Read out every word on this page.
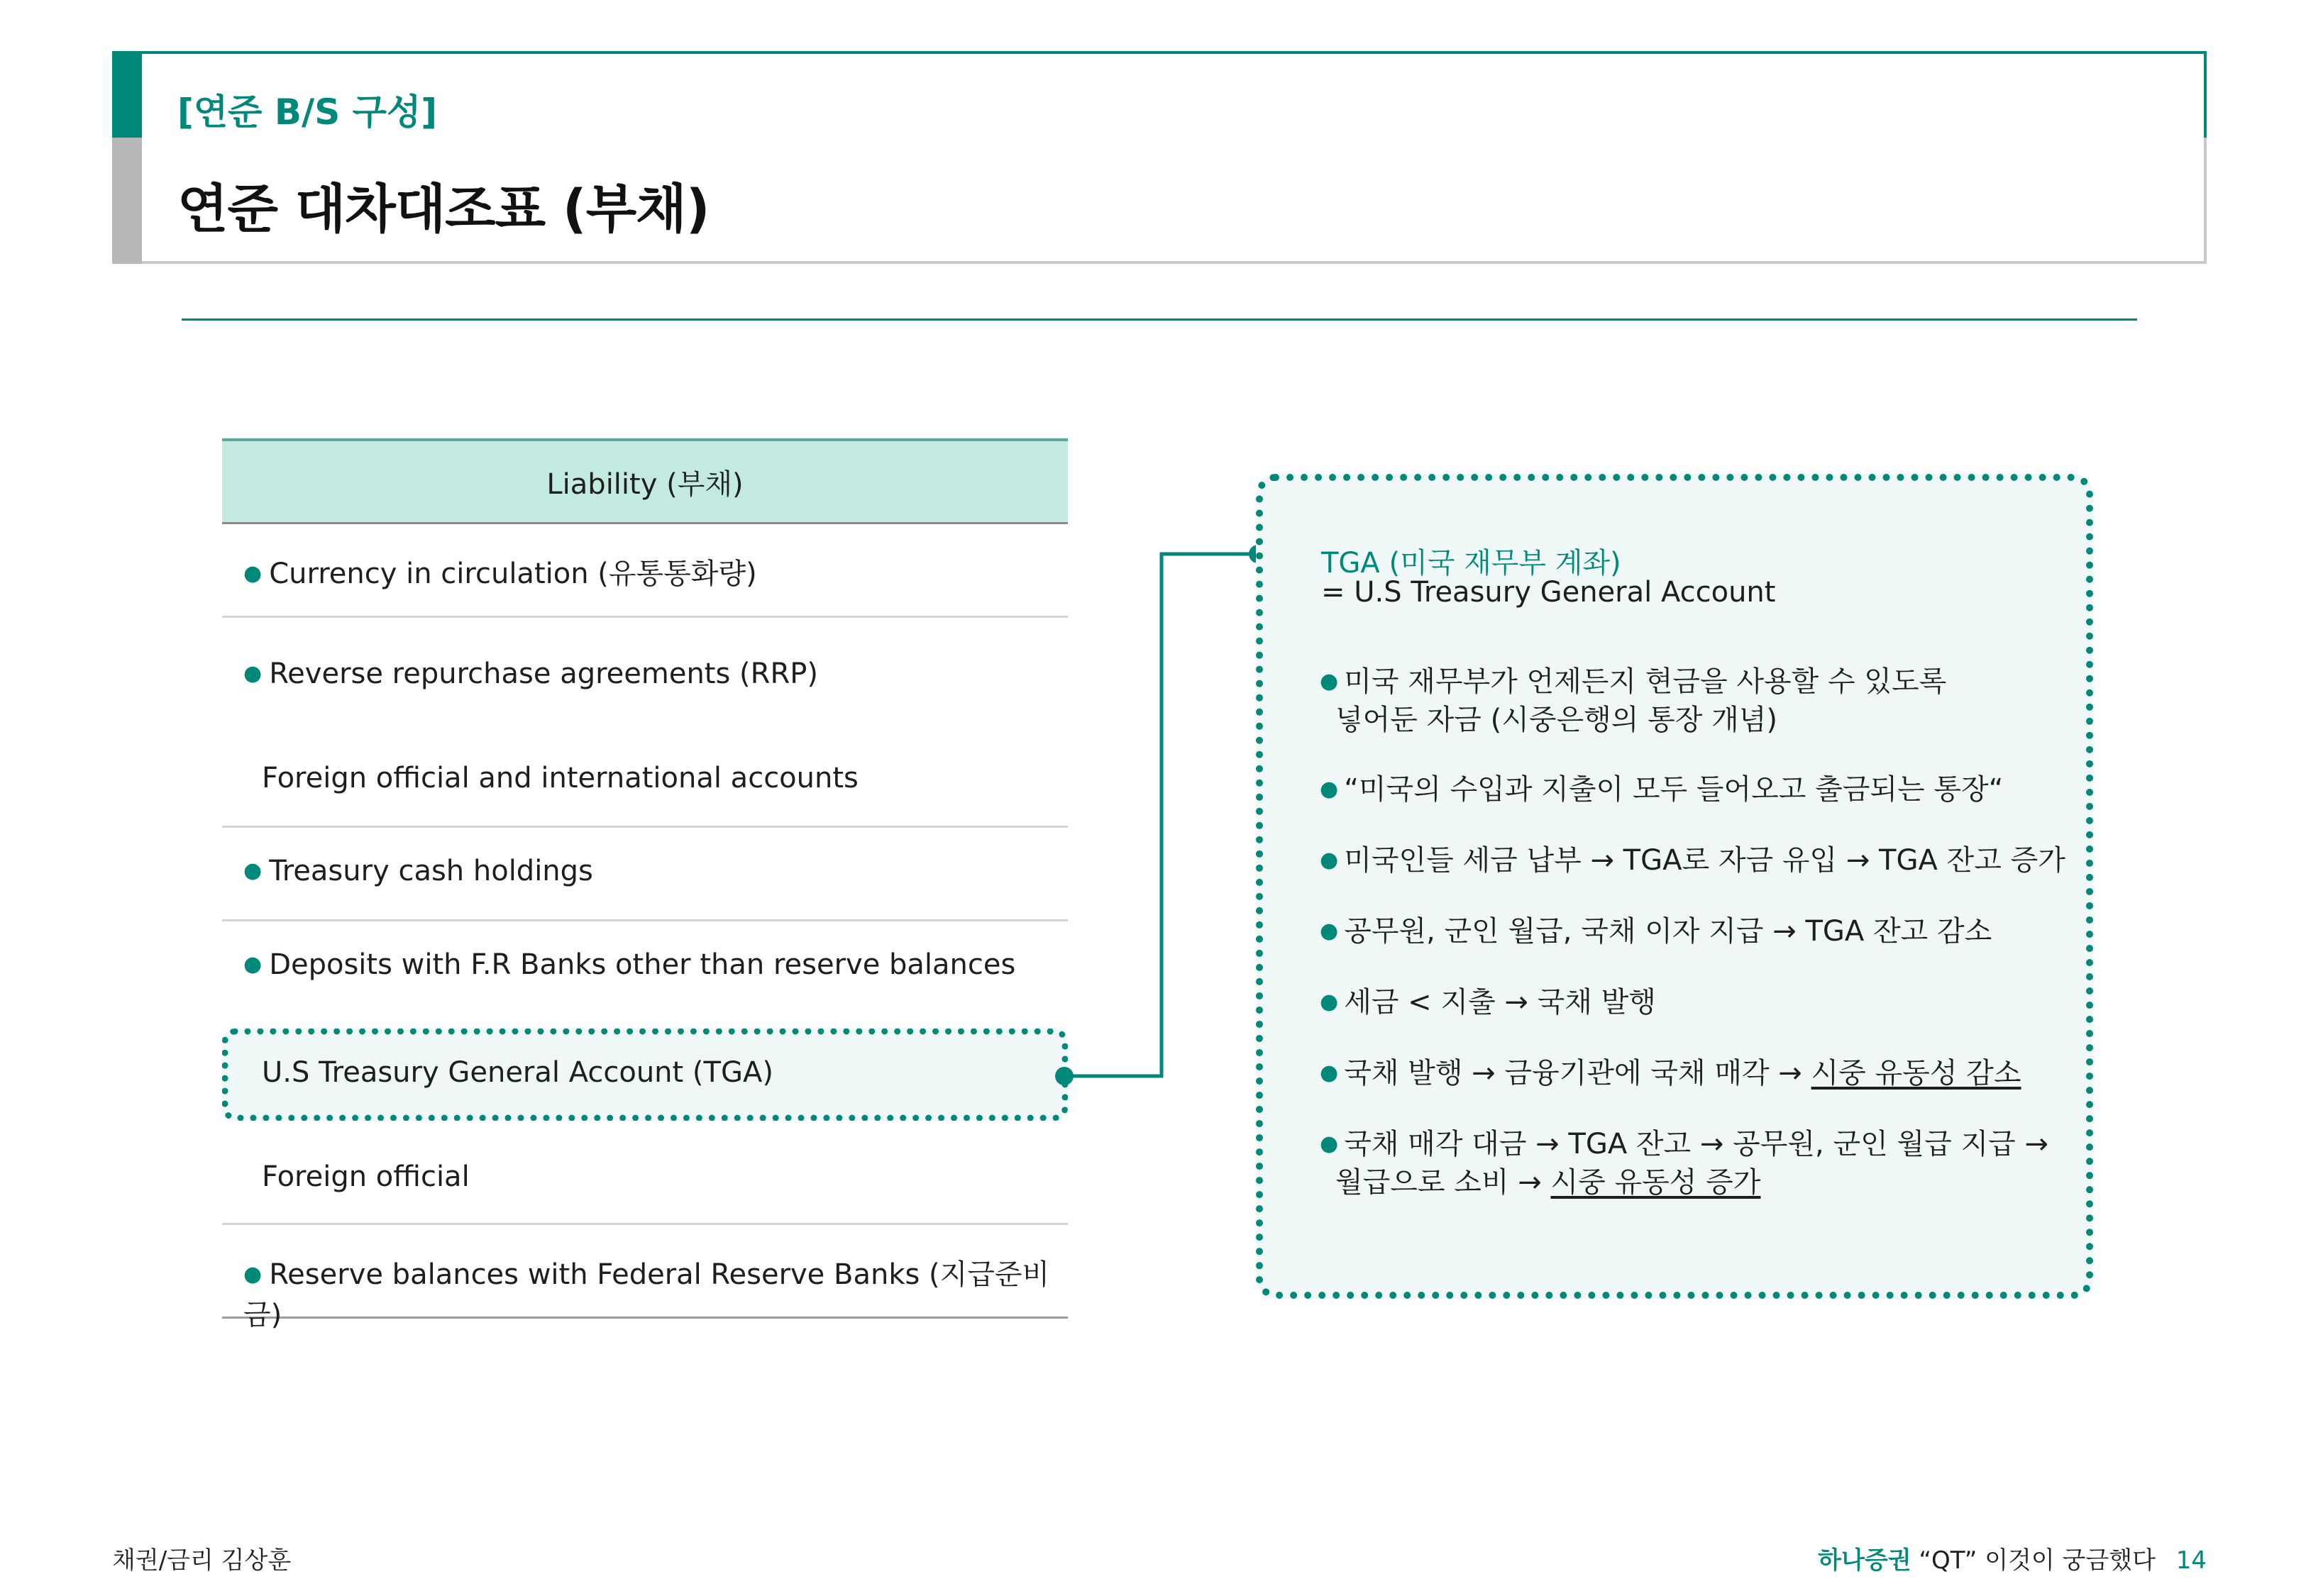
[연준 B/S 구성]
연준 대차대조표 (부채)
Liability (부채)
● Currency in circulation (유통통화량)
● Reverse repurchase agreements (RRP)
Foreign official and international accounts
● Treasury cash holdings
● Deposits with F.R Banks other than reserve balances
U.S Treasury General Account (TGA)
Foreign official
● Reserve balances with Federal Reserve Banks (지급준비금)
TGA (미국 재무부 계좌)
= U.S Treasury General Account
● 미국 재무부가 언제든지 현금을 사용할 수 있도록
넣어둔 자금 (시중은행의 통장 개념)
● “미국의 수입과 지출이 모두 들어오고 출금되는 통장“
● 미국인들 세금 납부 → TGA로 자금 유입 → TGA 잔고 증가
● 공무원, 군인 월급, 국채 이자 지급 → TGA 잔고 감소
● 세금 < 지출 → 국채 발행
● 국채 발행 → 금융기관에 국채 매각 → 시중 유동성 감소
● 국채 매각 대금 → TGA 잔고 → 공무원, 군인 월급 지급 →
월급으로 소비 → 시중 유동성 증가
채권/금리 김상훈	하나증권 “QT” 이것이 궁금했다 14
